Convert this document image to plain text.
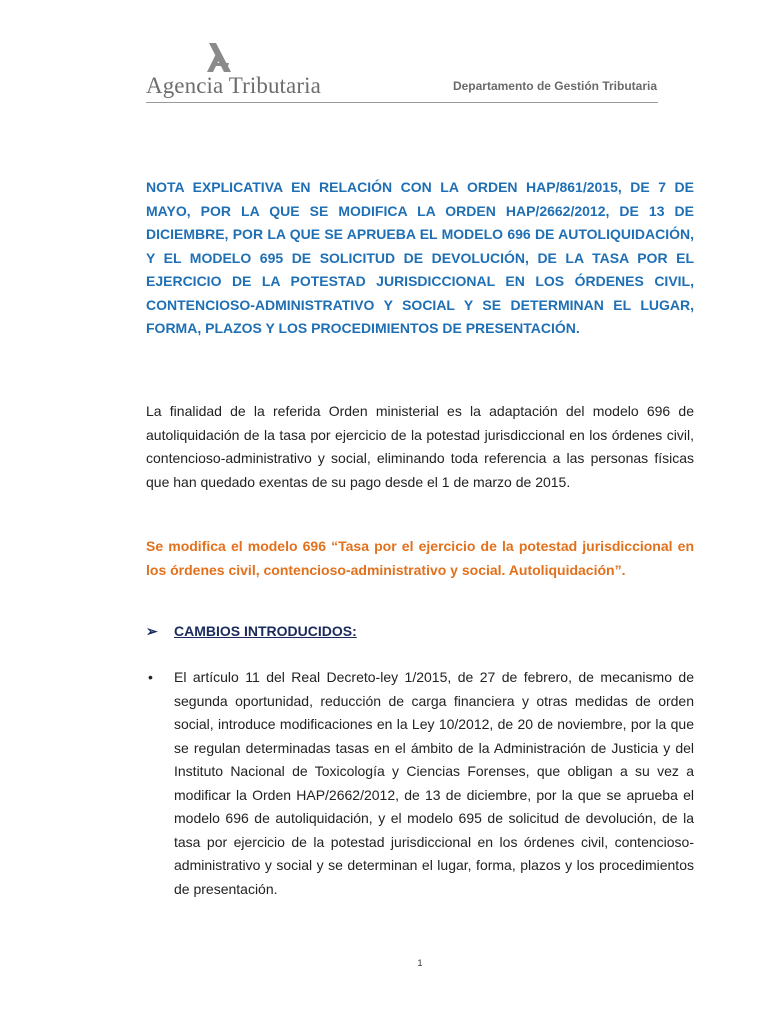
Agencia Tributaria	Departamento de Gestión Tributaria

NOTA EXPLICATIVA EN RELACIÓN CON LA ORDEN HAP/861/2015, DE 7 DE MAYO, POR LA QUE SE MODIFICA LA ORDEN HAP/2662/2012, DE 13 DE DICIEMBRE, POR LA QUE SE APRUEBA EL MODELO 696 DE AUTOLIQUIDACIÓN, Y EL MODELO 695 DE SOLICITUD DE DEVOLUCIÓN, DE LA TASA POR EL EJERCICIO DE LA POTESTAD JURISDICCIONAL EN LOS ÓRDENES CIVIL, CONTENCIOSO-ADMINISTRATIVO Y SOCIAL Y SE DETERMINAN EL LUGAR, FORMA, PLAZOS Y LOS PROCEDIMIENTOS DE PRESENTACIÓN.

La finalidad de la referida Orden ministerial es la adaptación del modelo 696 de autoliquidación de la tasa por ejercicio de la potestad jurisdiccional en los órdenes civil, contencioso-administrativo y social, eliminando toda referencia a las personas físicas que han quedado exentas de su pago desde el 1 de marzo de 2015.

Se modifica el modelo 696 “Tasa por el ejercicio de la potestad jurisdiccional en los órdenes civil, contencioso-administrativo y social. Autoliquidación”.

➢ CAMBIOS INTRODUCIDOS:
• El artículo 11 del Real Decreto-ley 1/2015, de 27 de febrero, de mecanismo de segunda oportunidad, reducción de carga financiera y otras medidas de orden social, introduce modificaciones en la Ley 10/2012, de 20 de noviembre, por la que se regulan determinadas tasas en el ámbito de la Administración de Justicia y del Instituto Nacional de Toxicología y Ciencias Forenses, que obligan a su vez a modificar la Orden HAP/2662/2012, de 13 de diciembre, por la que se aprueba el modelo 696 de autoliquidación, y el modelo 695 de solicitud de devolución, de la tasa por ejercicio de la potestad jurisdiccional en los órdenes civil, contencioso-administrativo y social y se determinan el lugar, forma, plazos y los procedimientos de presentación.

1
